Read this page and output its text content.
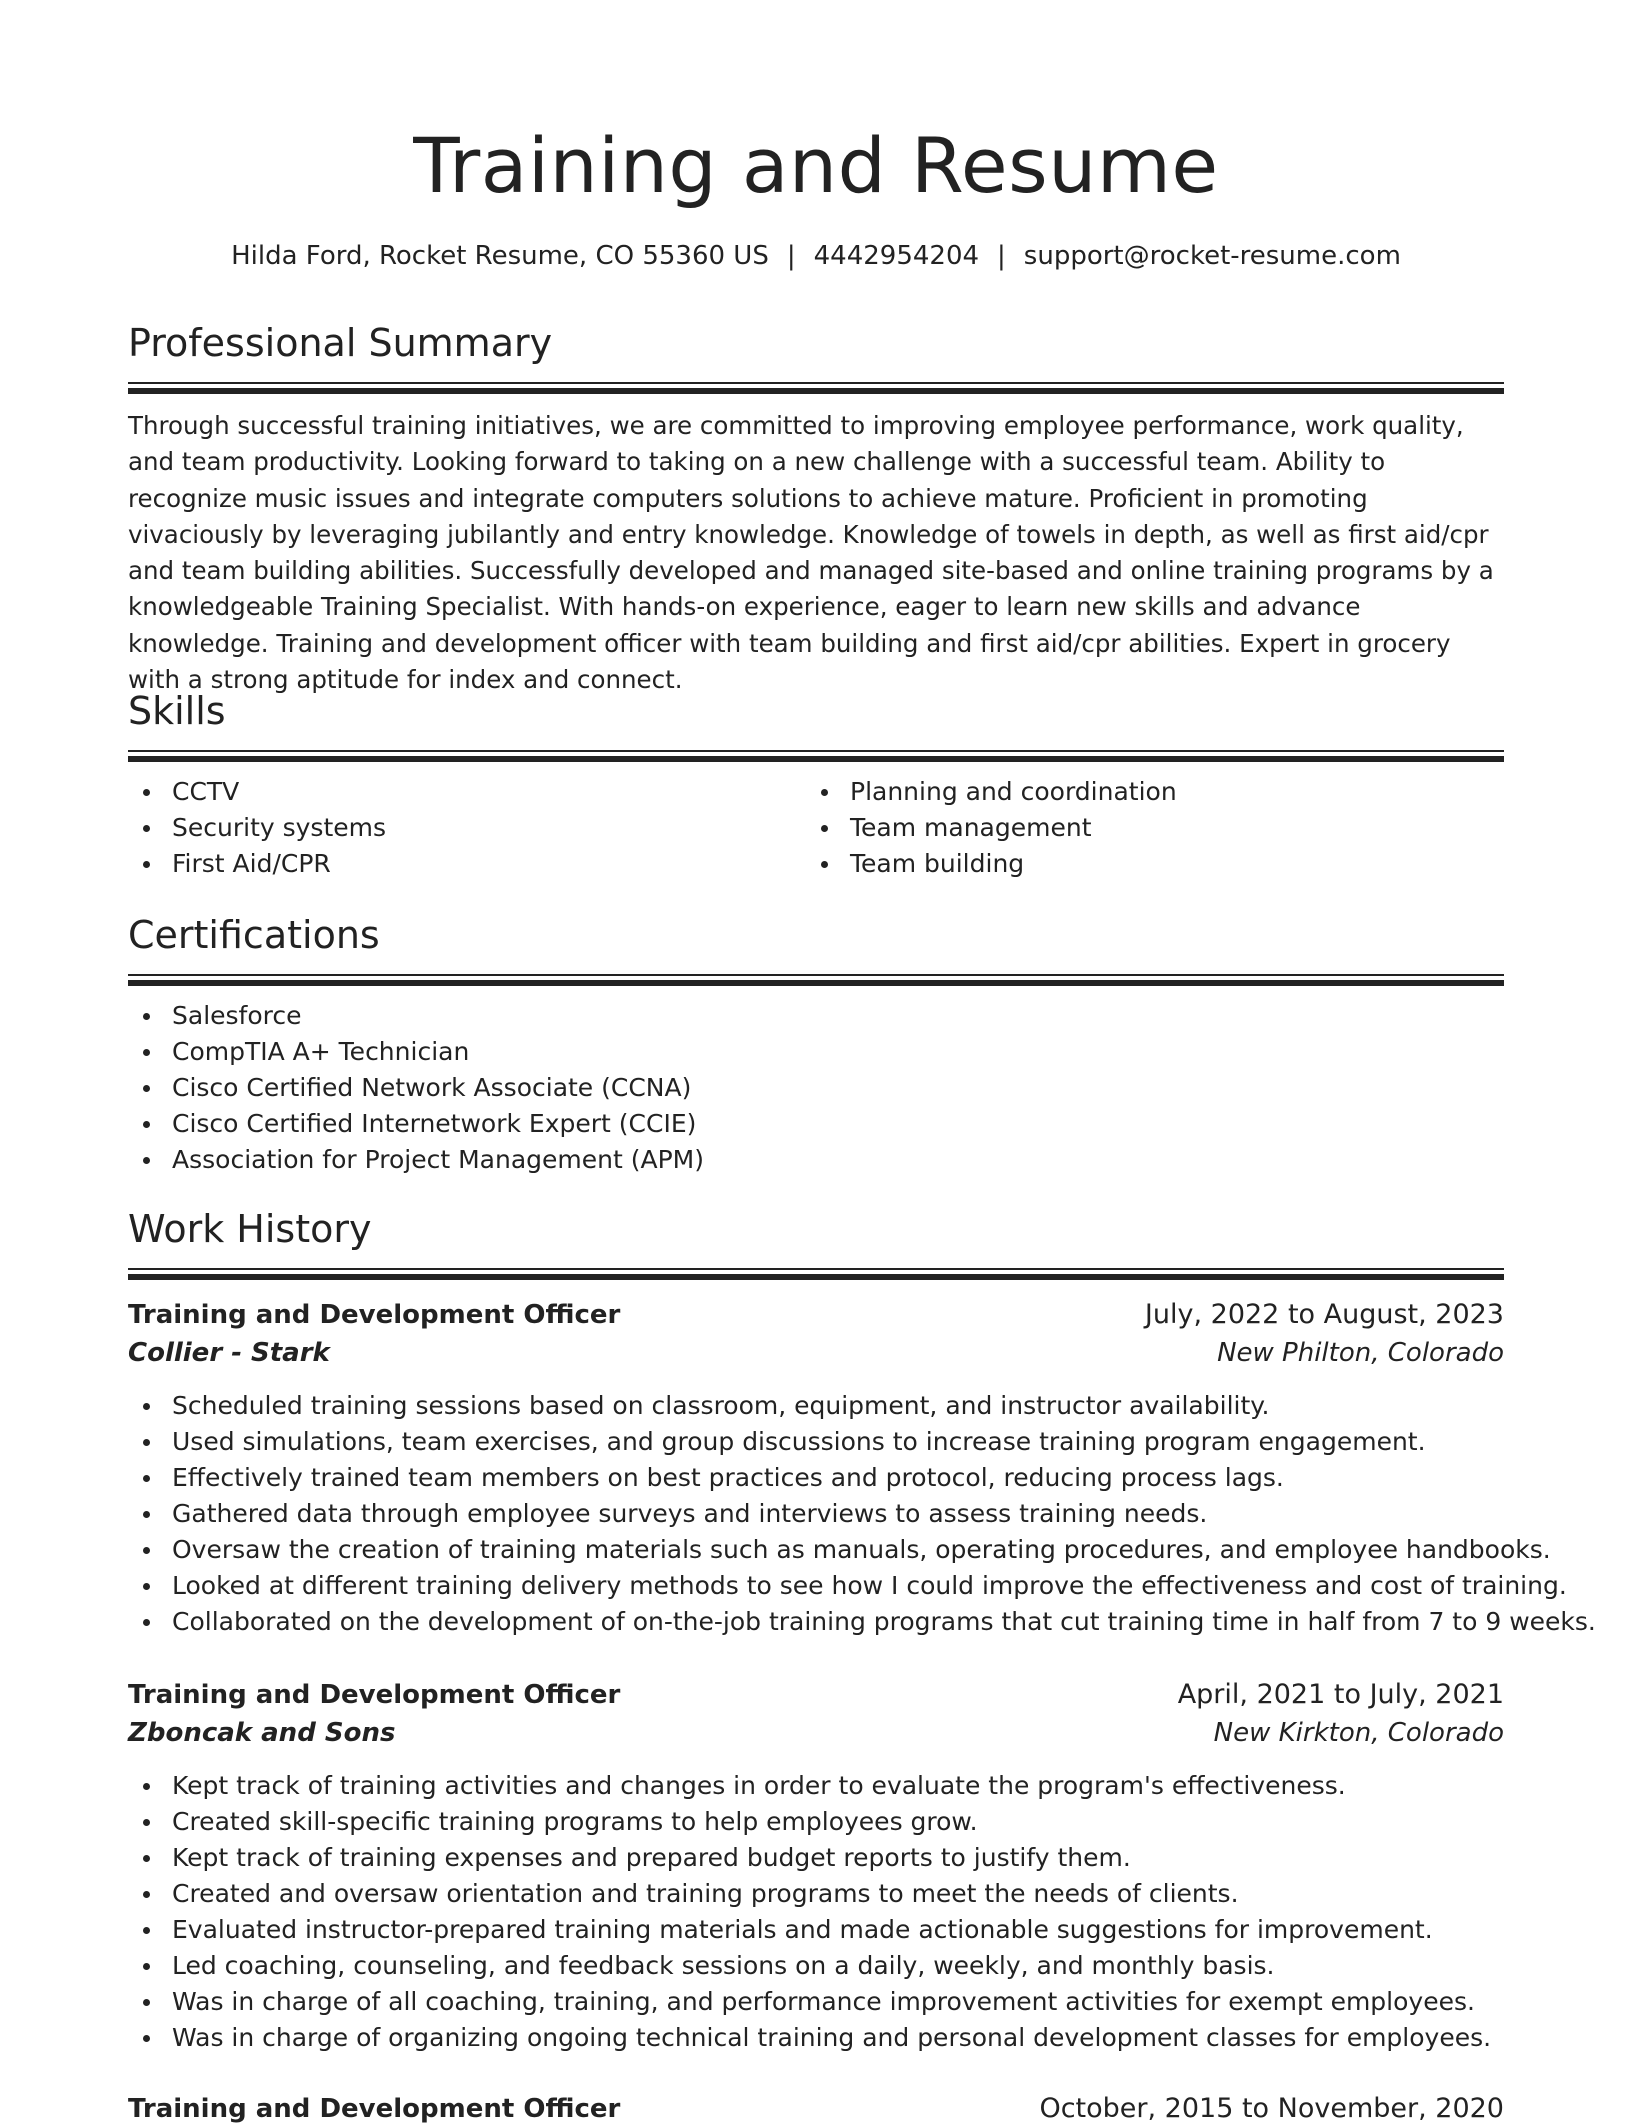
Training and Resume
Hilda Ford, Rocket Resume, CO 55360 US | 4442954204 | support@rocket-resume.com
Professional Summary

Through successful training initiatives, we are committed to improving employee performance, work quality, and team productivity. Looking forward to taking on a new challenge with a successful team. Ability to recognize music issues and integrate computers solutions to achieve mature. Proficient in promoting vivaciously by leveraging jubilantly and entry knowledge. Knowledge of towels in depth, as well as first aid/cpr and team building abilities. Successfully developed and managed site-based and online training programs by a knowledgeable Training Specialist. With hands-on experience, eager to learn new skills and advance knowledge. Training and development officer with team building and first aid/cpr abilities. Expert in grocery with a strong aptitude for index and connect.

Skills
CCTV
Security systems
First Aid/CPR
Planning and coordination
Team management
Team building
Certifications
Salesforce
CompTIA A+ Technician
Cisco Certified Network Associate (CCNA)
Cisco Certified Internetwork Expert (CCIE)
Association for Project Management (APM)
Work History
Training and Development Officer	July, 2022 to August, 2023
Collier - Stark	New Philton, Colorado
Scheduled training sessions based on classroom, equipment, and instructor availability.
Used simulations, team exercises, and group discussions to increase training program engagement.
Effectively trained team members on best practices and protocol, reducing process lags.
Gathered data through employee surveys and interviews to assess training needs.
Oversaw the creation of training materials such as manuals, operating procedures, and employee handbooks.
Looked at different training delivery methods to see how I could improve the effectiveness and cost of training.
Collaborated on the development of on-the-job training programs that cut training time in half from 7 to 9 weeks.
Training and Development Officer	April, 2021 to July, 2021
Zboncak and Sons	New Kirkton, Colorado
Kept track of training activities and changes in order to evaluate the program's effectiveness.
Created skill-specific training programs to help employees grow.
Kept track of training expenses and prepared budget reports to justify them.
Created and oversaw orientation and training programs to meet the needs of clients.
Evaluated instructor-prepared training materials and made actionable suggestions for improvement.
Led coaching, counseling, and feedback sessions on a daily, weekly, and monthly basis.
Was in charge of all coaching, training, and performance improvement activities for exempt employees.
Was in charge of organizing ongoing technical training and personal development classes for employees.
Training and Development Officer	October, 2015 to November, 2020
